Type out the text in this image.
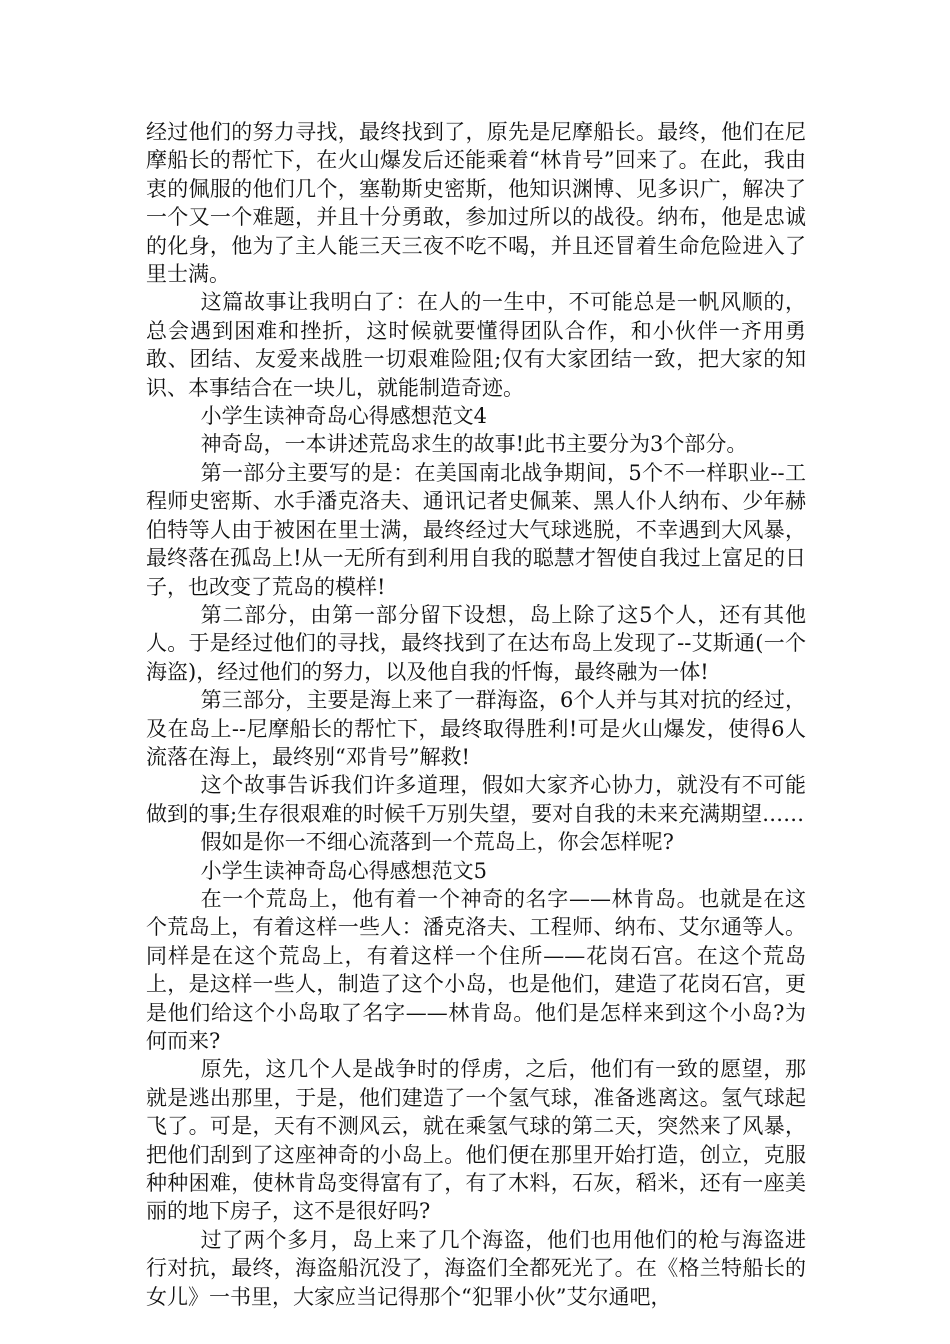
经过他们的努力寻找，最终找到了，原先是尼摩船长。最终，他们在尼摩船长的帮忙下，在火山爆发后还能乘着“林肯号”回来了。在此，我由衷的佩服的他们几个，塞勒斯史密斯，他知识渊博、见多识广，解决了一个又一个难题，并且十分勇敢，参加过所以的战役。纳布，他是忠诚的化身，他为了主人能三天三夜不吃不喝，并且还冒着生命危险进入了里士满。

这篇故事让我明白了：在人的一生中，不可能总是一帆风顺的，总会遇到困难和挫折，这时候就要懂得团队合作，和小伙伴一齐用勇敢、团结、友爱来战胜一切艰难险阻;仅有大家团结一致，把大家的知识、本事结合在一块儿，就能制造奇迹。

小学生读神奇岛心得感想范文4

神奇岛，一本讲述荒岛求生的故事!此书主要分为3个部分。

第一部分主要写的是：在美国南北战争期间，5个不一样职业--工程师史密斯、水手潘克洛夫、通讯记者史佩莱、黑人仆人纳布、少年赫伯特等人由于被困在里士满，最终经过大气球逃脱，不幸遇到大风暴，最终落在孤岛上!从一无所有到利用自我的聪慧才智使自我过上富足的日子，也改变了荒岛的模样!

第二部分，由第一部分留下设想，岛上除了这5个人，还有其他人。于是经过他们的寻找，最终找到了在达布岛上发现了--艾斯通(一个海盗)，经过他们的努力，以及他自我的忏悔，最终融为一体!

第三部分，主要是海上来了一群海盗，6个人并与其对抗的经过，及在岛上--尼摩船长的帮忙下，最终取得胜利!可是火山爆发，使得6人流落在海上，最终别“邓肯号”解救!

这个故事告诉我们许多道理，假如大家齐心协力，就没有不可能做到的事;生存很艰难的时候千万别失望，要对自我的未来充满期望……

假如是你一不细心流落到一个荒岛上，你会怎样呢?

小学生读神奇岛心得感想范文5

在一个荒岛上，他有着一个神奇的名字——林肯岛。也就是在这个荒岛上，有着这样一些人：潘克洛夫、工程师、纳布、艾尔通等人。同样是在这个荒岛上，有着这样一个住所——花岗石宫。在这个荒岛上，是这样一些人，制造了这个小岛，也是他们，建造了花岗石宫，更是他们给这个小岛取了名字——林肯岛。他们是怎样来到这个小岛?为何而来?

原先，这几个人是战争时的俘虏，之后，他们有一致的愿望，那就是逃出那里，于是，他们建造了一个氢气球，准备逃离这。氢气球起飞了。可是，天有不测风云，就在乘氢气球的第二天，突然来了风暴，把他们刮到了这座神奇的小岛上。他们便在那里开始打造，创立，克服种种困难，使林肯岛变得富有了，有了木料，石灰，稻米，还有一座美丽的地下房子，这不是很好吗?

过了两个多月，岛上来了几个海盗，他们也用他们的枪与海盗进行对抗，最终，海盗船沉没了，海盗们全都死光了。在《格兰特船长的女儿》一书里，大家应当记得那个“犯罪小伙”艾尔通吧，
